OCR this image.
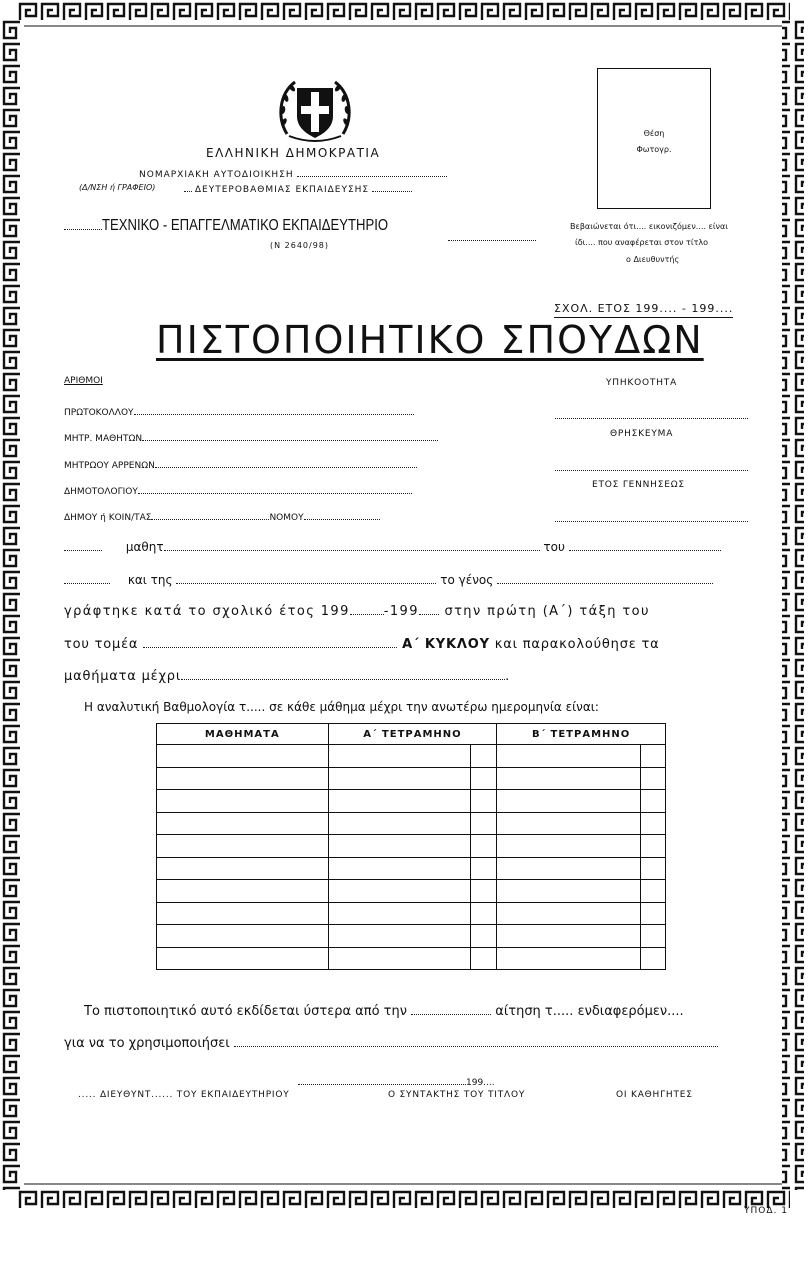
ΕΛΛΗΝΙΚΗ ΔΗΜΟΚΡΑΤΙΑ
ΝΟΜΑΡΧΙΑΚΗ ΑΥΤΟΔΙΟΙΚΗΣΗ
(Δ/ΝΣΗ ή ΓΡΑΦΕΙΟ)	ΔΕΥΤΕΡΟΒΑΘΜΙΑΣ ΕΚΠΑΙΔΕΥΣΗΣ
ΤΕΧΝΙΚΟ - ΕΠΑΓΓΕΛΜΑΤΙΚΟ ΕΚΠΑΙΔΕΥΤΗΡΙΟ
(Ν 2640/98)
Θέση
Φωτογρ.
Βεβαιώνεται ότι.... εικονιζόμεν.... είναι
ίδι.... που αναφέρεται στον τίτλο
ο Διευθυντής
ΣΧΟΛ. ΕΤΟΣ 199.... - 199....
ΠΙΣΤΟΠΟΙΗΤΙΚΟ ΣΠΟΥΔΩΝ
ΑΡΙΘΜΟΙ
ΠΡΩΤΟΚΟΛΛΟΥ
ΜΗΤΡ. ΜΑΘΗΤΩΝ
ΜΗΤΡΩΟΥ ΑΡΡΕΝΩΝ
ΔΗΜΟΤΟΛΟΓΙΟΥ
ΔΗΜΟΥ ή ΚΟΙΝ/ΤΑΣ	ΝΟΜΟΥ
ΥΠΗΚΟΟΤΗΤΑ
ΘΡΗΣΚΕΥΜΑ
ΕΤΟΣ ΓΕΝΝΗΣΕΩΣ
μαθητ	του
και της	το γένος
γράφτηκε κατά το σχολικό έτος 199	-199 στην πρώτη (Α΄) τάξη του
του τομέα	Α΄ ΚΥΚΛΟΥ και παρακολούθησε τα
μαθήματα μέχρι	.
Η αναλυτική Βαθμολογία τ..... σε κάθε μάθημα μέχρι την ανωτέρω ημερομηνία είναι:
ΜΑΘΗΜΑΤΑ	Α΄ ΤΕΤΡΑΜΗΝΟ		Β΄ ΤΕΤΡΑΜΗΝΟ	

Το πιστοποιητικό αυτό εκδίδεται ύστερα από την	αίτηση τ..... ενδιαφερόμεν....
για να το χρησιμοποιήσει
199....
..... ΔΙΕΥΘΥΝΤ...... ΤΟΥ ΕΚΠΑΙΔΕΥΤΗΡΙΟΥ	Ο ΣΥΝΤΑΚΤΗΣ ΤΟΥ ΤΙΤΛΟΥ	ΟΙ ΚΑΘΗΓΗΤΕΣ
ΥΠΟΔ. 1
